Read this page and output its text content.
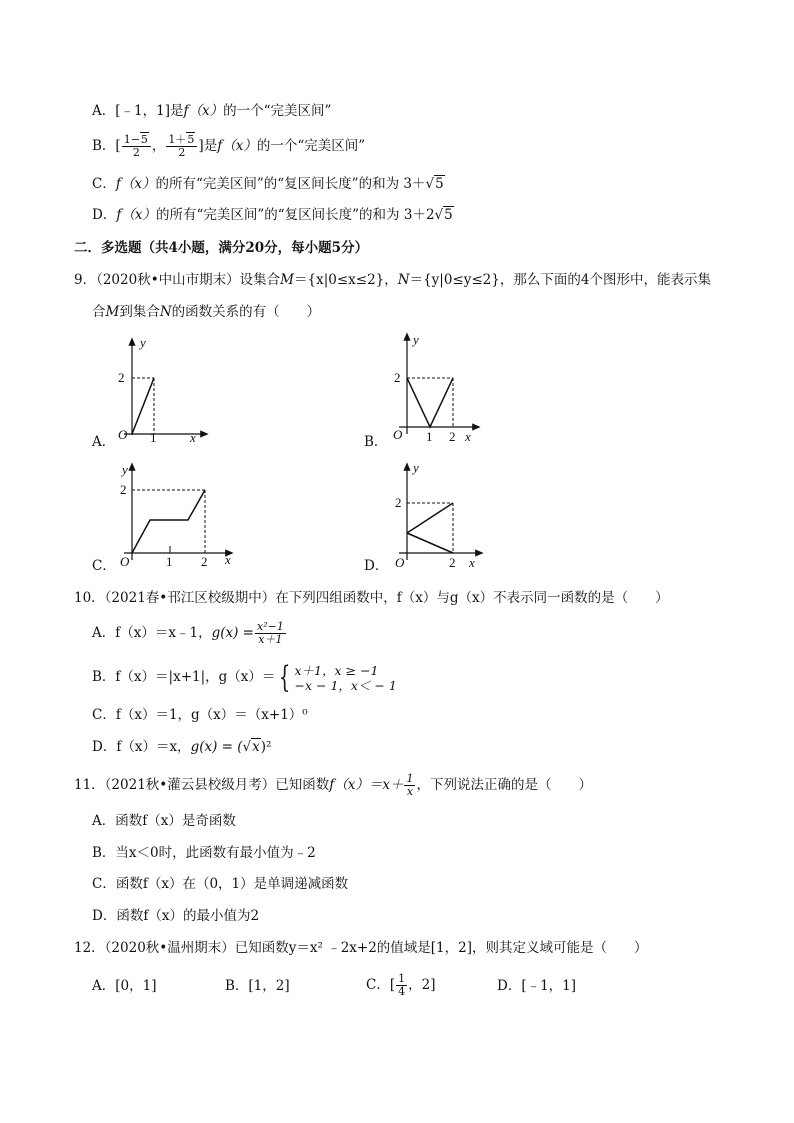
A．[﹣1，1]是f（x）的一个“完美区间”
B．[ $\frac{1-5}{2}$ ， $\frac{1+5}{2}$ ]是f（x）的一个“完美区间”
C．f（x）的所有“完美区间”的“复区间长度”的和为 3＋√5
D．f（x）的所有“完美区间”的“复区间长度”的和为 3＋2√5
二．多选题（共4小题，满分20分，每小题5分）
9．（2020秋•中山市期末）设集合M＝{x|0≤x≤2}，N＝{y|0≤y≤2}，那么下面的4个图形中，能表示集
合M到集合N的函数关系的有（　　）
A．
y
2
O 1	x	B．
y
2
O 1 2 x
C．
y
2
O	1 2 x	D．
y
2
O	2 x
10．（2021春•邗江区校级期中）在下列四组函数中，f（x）与g（x）不表示同一函数的是（　　）
A．f（x）＝x﹣1，$g(x) = \frac{\text{x²−1}}{x+1}$
B．f（x）＝|x+1|，g（x）＝ { x＋1，x ≥ −1
−x − 1，x＜ − 1
C．f（x）＝1，g（x）＝（x+1）⁰
D．f（x）＝x，g(x) = (√x)²
11．（2021秋•灌云县校级月考）已知函数$f(x)=x+ \frac{1}{x}$ ，下列说法正确的是（　　）
A．函数f（x）是奇函数
B．当x＜0时，此函数有最小值为﹣2
C．函数f（x）在（0，1）是单调递减函数
D．函数f（x）的最小值为2
12．（2020秋•温州期末）已知函数y＝x² ﹣2x+2的值域是[1，2]，则其定义域可能是（　　）
A．[0，1]	B．[1，2]	C．[ $\frac{1}{4}$ ，2]	D．[﹣1，1]
